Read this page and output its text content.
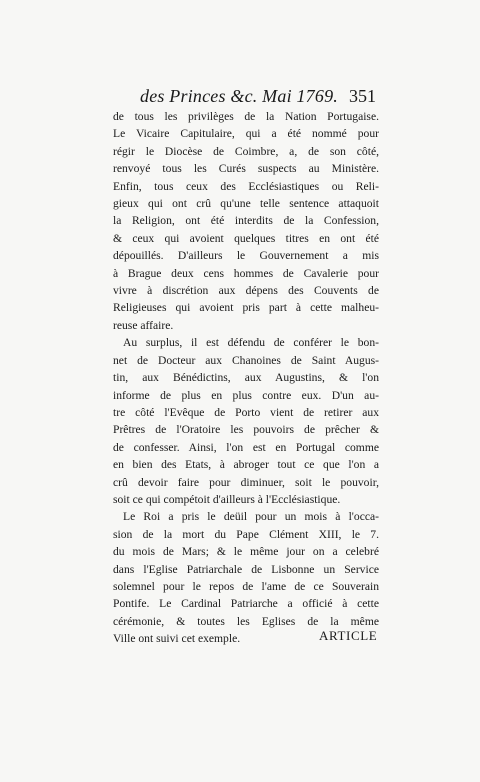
des Princes &c. Mai 1769. 351
de tous les privilèges de la Nation Portugaise.
Le Vicaire Capitulaire, qui a été nommé pour
régir le Diocèse de Coimbre, a, de son côté,
renvoyé tous les Curés suspects au Ministère.
Enfin, tous ceux des Ecclésiastiques ou Reli-
gieux qui ont crû qu'une telle sentence attaquoit
la Religion, ont été interdits de la Confession,
& ceux qui avoient quelques titres en ont été
dépouillés. D'ailleurs le Gouvernement a mis
à Brague deux cens hommes de Cavalerie pour
vivre à discrétion aux dépens des Couvents de
Religieuses qui avoient pris part à cette malheu-
reuse affaire.
Au surplus, il est défendu de conférer le bon-
net de Docteur aux Chanoines de Saint Augus-
tin, aux Bénédictins, aux Augustins, & l'on
informe de plus en plus contre eux. D'un au-
tre côté l'Evêque de Porto vient de retirer aux
Prêtres de l'Oratoire les pouvoirs de prêcher &
de confesser. Ainsi, l'on est en Portugal comme
en bien des Etats, à abroger tout ce que l'on a
crû devoir faire pour diminuer, soit le pouvoir,
soit ce qui compétoit d'ailleurs à l'Ecclésiastique.
Le Roi a pris le deüil pour un mois à l'occa-
sion de la mort du Pape Clément XIII, le 7.
du mois de Mars; & le même jour on a celebré
dans l'Eglise Patriarchale de Lisbonne un Service
solemnel pour le repos de l'ame de ce Souverain
Pontife. Le Cardinal Patriarche a officié à cette
cérémonie, & toutes les Eglises de la même
Ville ont suivi cet exemple.	ARTICLE
